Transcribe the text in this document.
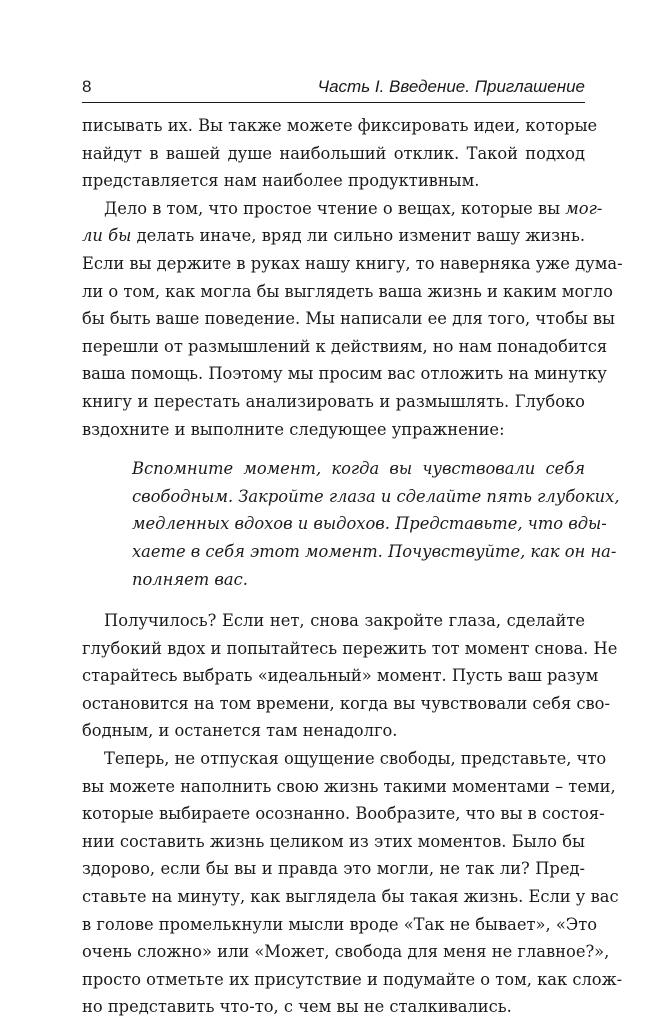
8	Часть I. Введение. Приглашение

писывать их. Вы также можете фиксировать идеи, которые
найдут в вашей душе наибольший отклик. Такой подход
представляется нам наиболее продуктивным.

Дело в том, что простое чтение о вещах, которые вы мог-
ли бы делать иначе, вряд ли сильно изменит вашу жизнь.
Если вы держите в руках нашу книгу, то наверняка уже дума-
ли о том, как могла бы выглядеть ваша жизнь и каким могло
бы быть ваше поведение. Мы написали ее для того, чтобы вы
перешли от размышлений к действиям, но нам понадобится
ваша помощь. Поэтому мы просим вас отложить на минутку
книгу и перестать анализировать и размышлять. Глубоко
вздохните и выполните следующее упражнение:

Вспомните момент, когда вы чувствовали себя
свободным. Закройте глаза и сделайте пять глубоких,
медленных вдохов и выдохов. Представьте, что вды-
хаете в себя этот момент. Почувствуйте, как он на-
полняет вас.

Получилось? Если нет, снова закройте глаза, сделайте
глубокий вдох и попытайтесь пережить тот момент снова. Не
старайтесь выбрать «идеальный» момент. Пусть ваш разум
остановится на том времени, когда вы чувствовали себя сво-
бодным, и останется там ненадолго.

Теперь, не отпуская ощущение свободы, представьте, что
вы можете наполнить свою жизнь такими моментами – теми,
которые выбираете осознанно. Вообразите, что вы в состоя-
нии составить жизнь целиком из этих моментов. Было бы
здорово, если бы вы и правда это могли, не так ли? Пред-
ставьте на минуту, как выглядела бы такая жизнь. Если у вас
в голове промелькнули мысли вроде «Так не бывает», «Это
очень сложно» или «Может, свобода для меня не главное?»,
просто отметьте их присутствие и подумайте о том, как слож-
но представить что-то, с чем вы не сталкивались.
